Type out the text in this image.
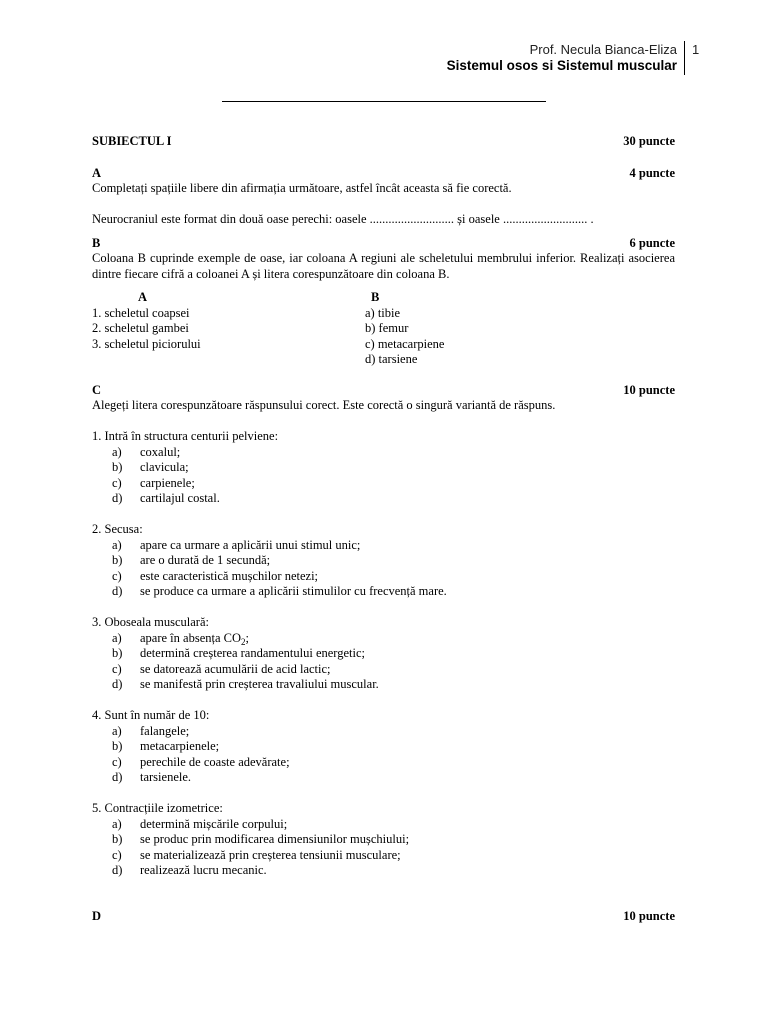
Prof. Necula Bianca-Eliza
Sistemul osos si Sistemul muscular
1
SUBIECTUL I	30 puncte
A	4 puncte

Completați spațiile libere din afirmația următoare, astfel încât aceasta să fie corectă.

Neurocraniul este format din două oase perechi: oasele ........................... și oasele ........................... .

B	6 puncte

Coloana B cuprinde exemple de oase, iar coloana A regiuni ale scheletului membrului inferior. Realizați asocierea dintre fiecare cifră a coloanei A și litera corespunzătoare din coloana B.

A
1. scheletul coapsei
2. scheletul gambei
3. scheletul piciorului
B
a) tibie
b) femur
c) metacarpiene
d) tarsiene
C	10 puncte

Alegeți litera corespunzătoare răspunsului corect. Este corectă o singură variantă de răspuns.

1. Intră în structura centurii pelviene:
a)	coxalul;
b)	clavicula;
c)	carpienele;
d)	cartilajul costal.
2. Secusa:
a)	apare ca urmare a aplicării unui stimul unic;
b)	are o durată de 1 secundă;
c)	este caracteristică mușchilor netezi;
d)	se produce ca urmare a aplicării stimulilor cu frecvență mare.
3. Oboseala musculară:
a)	apare în absența $CO_2$;
b)	determină creșterea randamentului energetic;
c)	se datorează acumulării de acid lactic;
d)	se manifestă prin creșterea travaliului muscular.
4. Sunt în număr de 10:
a)	falangele;
b)	metacarpienele;
c)	perechile de coaste adevărate;
d)	tarsienele.
5. Contracțiile izometrice:
a)	determină mișcările corpului;
b)	se produc prin modificarea dimensiunilor mușchiului;
c)	se materializează prin creșterea tensiunii musculare;
d)	realizează lucru mecanic.
D	10 puncte
